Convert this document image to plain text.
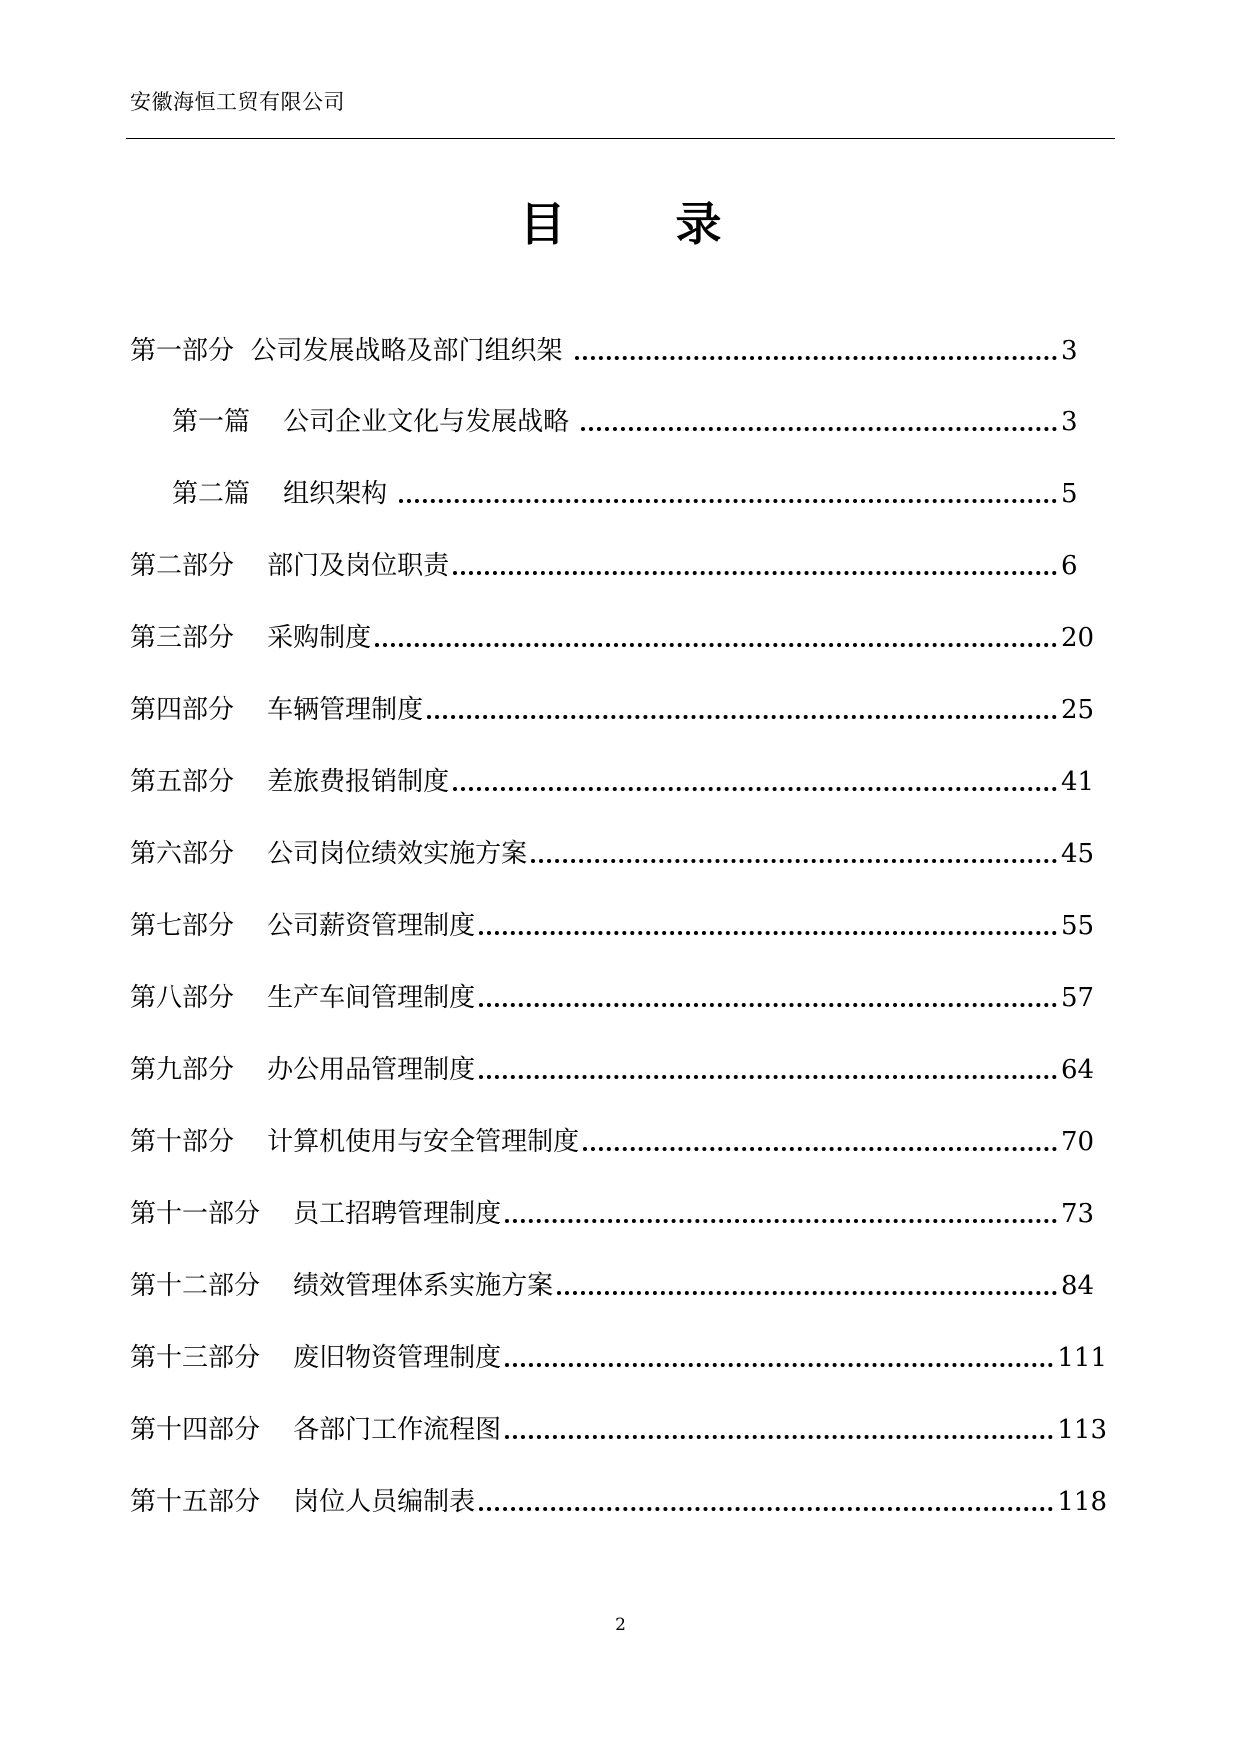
安徽海恒工贸有限公司
目录
第一部分 公司发展战略及部门组织架	3
第一篇 公司企业文化与发展战略	3
第二篇 组织架构	5
第二部分 部门及岗位职责	6
第三部分 采购制度	20
第四部分 车辆管理制度	25
第五部分 差旅费报销制度	41
第六部分 公司岗位绩效实施方案	45
第七部分 公司薪资管理制度	55
第八部分 生产车间管理制度	57
第九部分 办公用品管理制度	64
第十部分 计算机使用与安全管理制度	70
第十一部分 员工招聘管理制度	73
第十二部分 绩效管理体系实施方案	84
第十三部分 废旧物资管理制度	111
第十四部分 各部门工作流程图	113
第十五部分 岗位人员编制表	118
2
